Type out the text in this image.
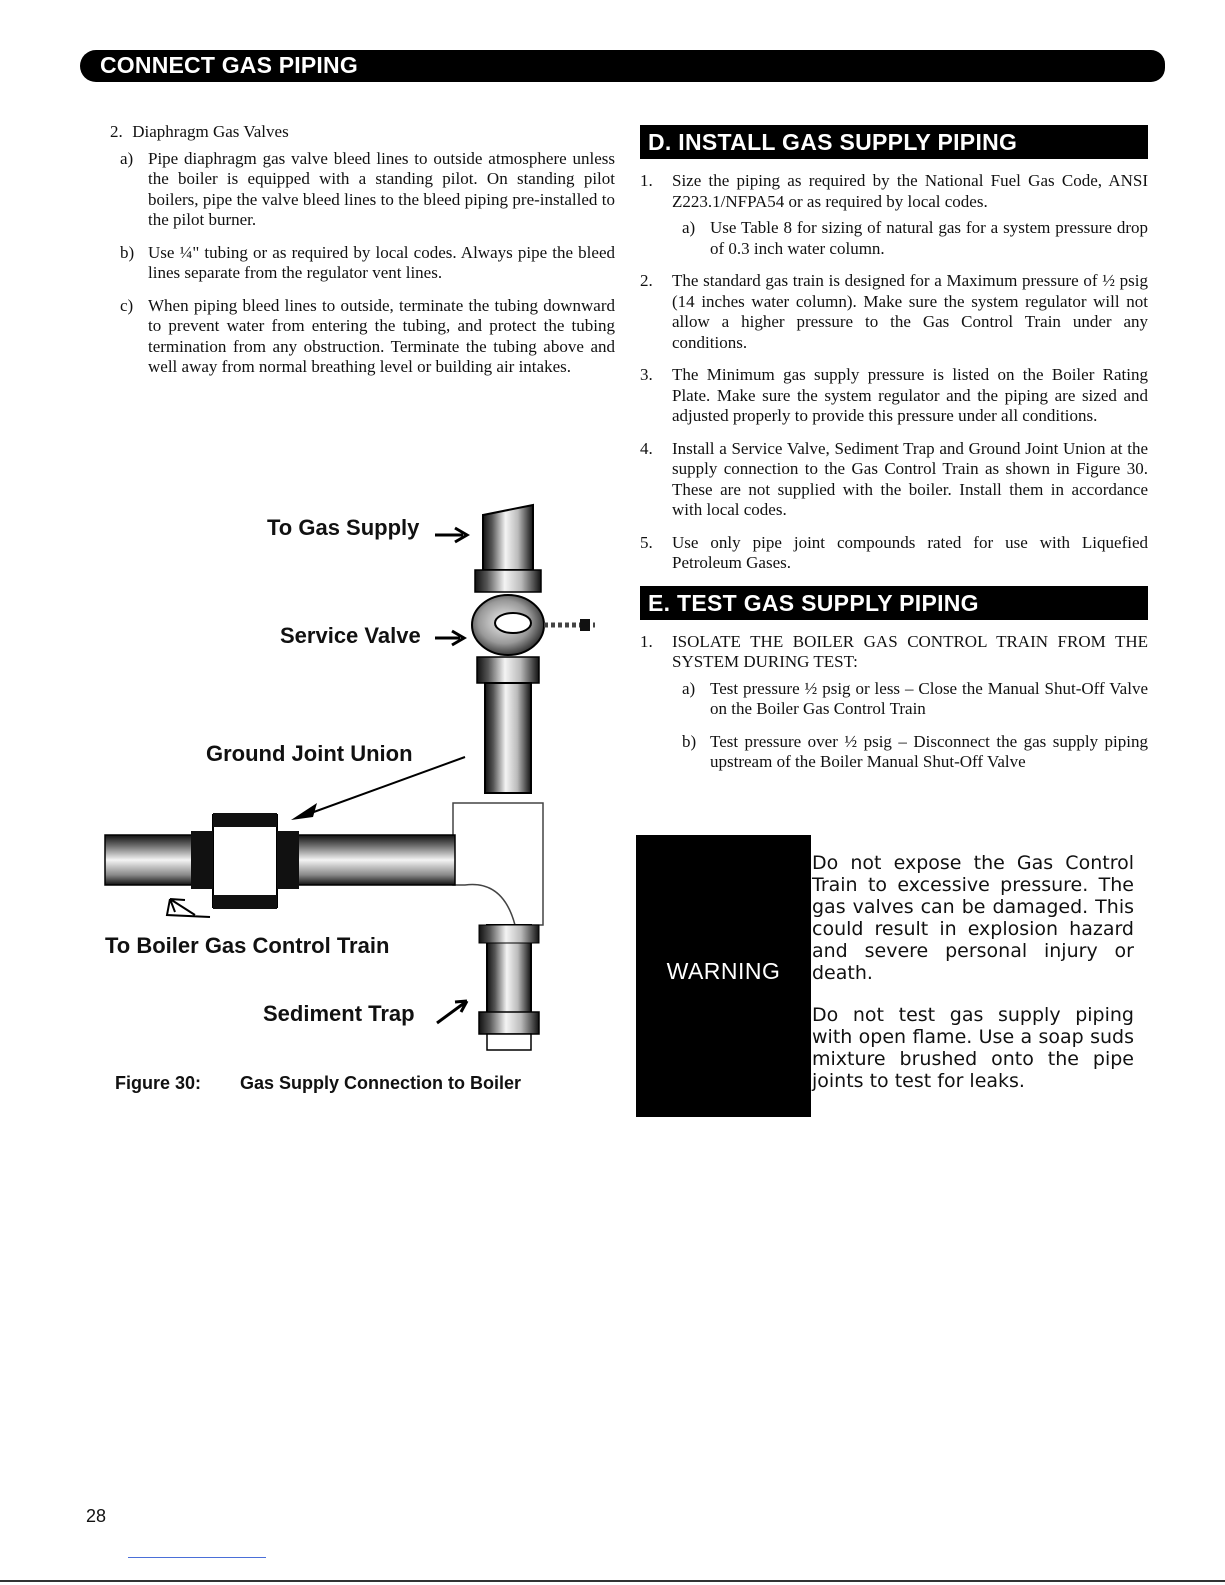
CONNECT GAS PIPING
2. Diaphragm Gas Valves
a) Pipe diaphragm gas valve bleed lines to outside atmosphere unless the boiler is equipped with a standing pilot. On standing pilot boilers, pipe the valve bleed lines to the bleed piping pre-installed to the pilot burner.
b) Use ¼" tubing or as required by local codes. Always pipe the bleed lines separate from the regulator vent lines.
c) When piping bleed lines to outside, terminate the tubing downward to prevent water from entering the tubing, and protect the tubing termination from any obstruction. Terminate the tubing above and well away from normal breathing level or building air intakes.
To Gas Supply
Service Valve
Ground Joint Union
To Boiler Gas Control Train
Sediment Trap
Figure 30: Gas Supply Connection to Boiler
D. INSTALL GAS SUPPLY PIPING
1. Size the piping as required by the National Fuel Gas Code, ANSI Z223.1/NFPA54 or as required by local codes.
a) Use Table 8 for sizing of natural gas for a system pressure drop of 0.3 inch water column.
2. The standard gas train is designed for a Maximum pressure of ½ psig (14 inches water column). Make sure the system regulator will not allow a higher pressure to the Gas Control Train under any conditions.
3. The Minimum gas supply pressure is listed on the Boiler Rating Plate. Make sure the system regulator and the piping are sized and adjusted properly to provide this pressure under all conditions.
4. Install a Service Valve, Sediment Trap and Ground Joint Union at the supply connection to the Gas Control Train as shown in Figure 30. These are not supplied with the boiler. Install them in accordance with local codes.
5. Use only pipe joint compounds rated for use with Liquefied Petroleum Gases.
E. TEST GAS SUPPLY PIPING
1. ISOLATE THE BOILER GAS CONTROL TRAIN FROM THE SYSTEM DURING TEST:
a) Test pressure ½ psig or less – Close the Manual Shut-Off Valve on the Boiler Gas Control Train
b) Test pressure over ½ psig – Disconnect the gas supply piping upstream of the Boiler Manual Shut-Off Valve
WARNING

Do not expose the Gas Control Train to excessive pressure. The gas valves can be damaged. This could result in explosion hazard and severe personal injury or death.

Do not test gas supply piping with open flame. Use a soap suds mixture brushed onto the pipe joints to test for leaks.

28
